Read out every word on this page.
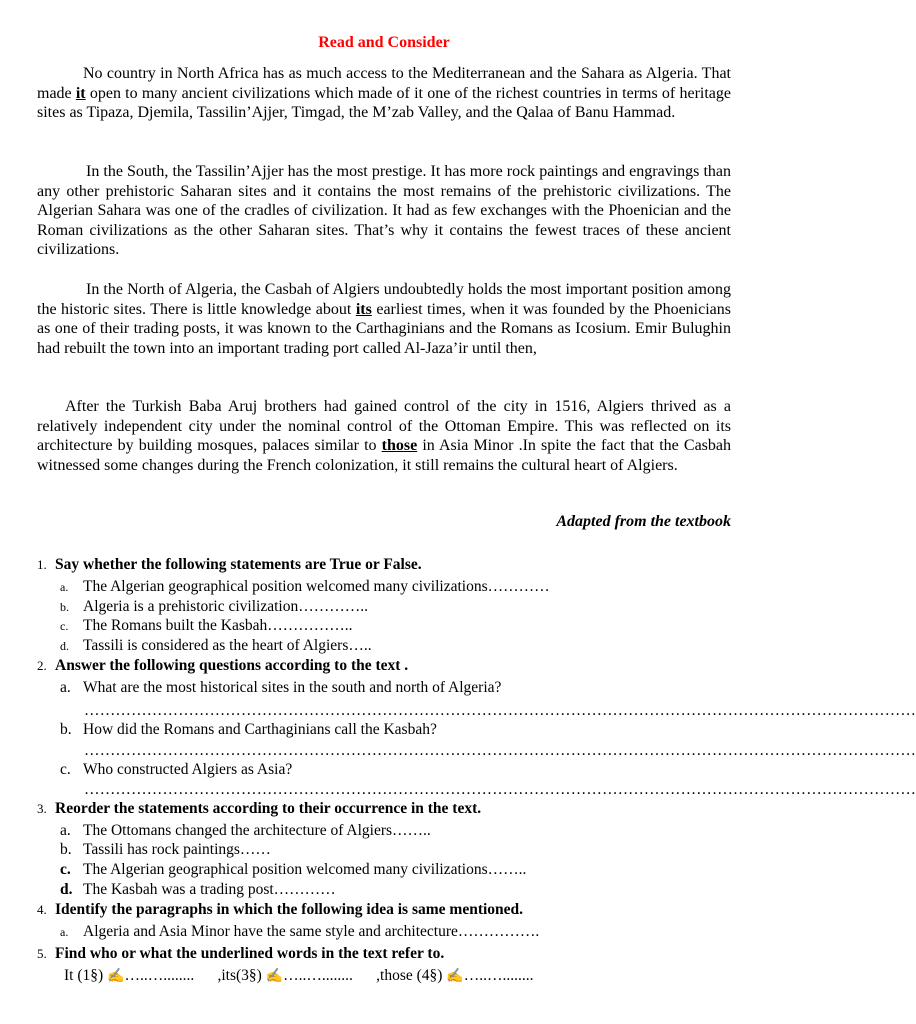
Read and Consider

No country in North Africa has as much access to the Mediterranean and the Sahara as Algeria. That made it open to many ancient civilizations which made of it one of the richest countries in terms of heritage sites as Tipaza, Djemila, Tassilin’Ajjer, Timgad, the M’zab Valley, and the Qalaa of Banu Hammad.

In the South, the Tassilin’Ajjer has the most prestige. It has more rock paintings and engravings than any other prehistoric Saharan sites and it contains the most remains of the prehistoric civilizations. The Algerian Sahara was one of the cradles of civilization. It had as few exchanges with the Phoenician and the Roman civilizations as the other Saharan sites. That’s why it contains the fewest traces of these ancient civilizations.

In the North of Algeria, the Casbah of Algiers undoubtedly holds the most important position among the historic sites. There is little knowledge about its earliest times, when it was founded by the Phoenicians as one of their trading posts, it was known to the Carthaginians and the Romans as Icosium. Emir Bulughin had rebuilt the town into an important trading port called Al-Jaza’ir until then,

After the Turkish Baba Aruj brothers had gained control of the city in 1516, Algiers thrived as a relatively independent city under the nominal control of the Ottoman Empire. This was reflected on its architecture by building mosques, palaces similar to those in Asia Minor .In spite the fact that the Casbah witnessed some changes during the French colonization, it still remains the cultural heart of Algiers.

Adapted from the textbook
1. Say whether the following statements are True or False.
a. The Algerian geographical position welcomed many civilizations…………
b. Algeria is a prehistoric civilization…………..
c. The Romans built the Kasbah……………..
d. Tassili is considered as the heart of Algiers…..
2. Answer the following questions according to the text .
a. What are the most historical sites in the south and north of Algeria?
……………………………………………………………………………………………………………………………………………
b. How did the Romans and Carthaginians call the Kasbah?
……………………………………………………………………………………………………………………………………………
c. Who constructed Algiers as Asia?
……………………………………………………………………………………………………………………………………………
3. Reorder the statements according to their occurrence in the text.
a. The Ottomans changed the architecture of Algiers……..
b. Tassili has rock paintings……
c. The Algerian geographical position welcomed many civilizations……..
d. The Kasbah was a trading post…………
4. Identify the paragraphs in which the following idea is same mentioned.
a. Algeria and Asia Minor have the same style and architecture…………….
5. Find who or what the underlined words in the text refer to.
It (1§) ✍…..…........      ,its(3§) ✍…..…........      ,those (4§) ✍…..…........
